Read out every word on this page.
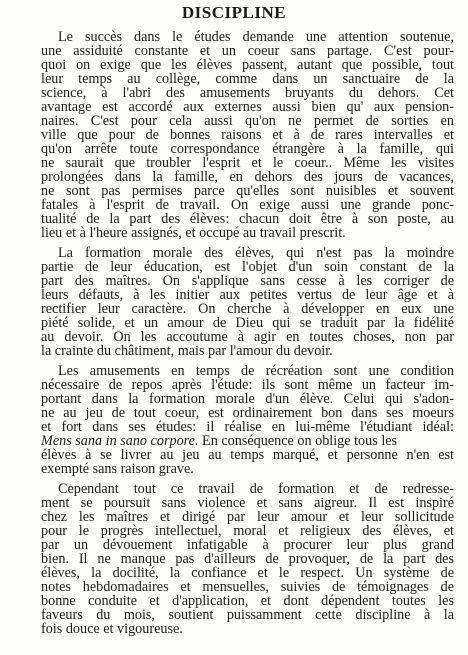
DISCIPLINE
Le succès dans le études demande une attention soutenue,
une assiduité constante et un coeur sans partage. C'est pour-
quoi on exige que les élèves passent, autant que possible, tout
leur temps au collège, comme dans un sanctuaire de la
science, à l'abri des amusements bruyants du dehors. Cet
avantage est accordé aux externes aussi bien qu' aux pension-
naires. C'est pour cela aussi qu'on ne permet de sorties en
ville que pour de bonnes raisons et à de rares intervalles et
qu'on arrête toute correspondance étrangère à la famille, qui
ne saurait que troubler l'esprit et le coeur.. Même les visites
prolongées dans la famille, en dehors des jours de vacances,
ne sont pas permises parce qu'elles sont nuisibles et souvent
fatales à l'esprit de travail. On exige aussi une grande ponc-
tualité de la part des élèves: chacun doit être à son poste, au
lieu et à l'heure assignés, et occupé au travail prescrit.
La formation morale des élèves, qui n'est pas la moindre
partie de leur éducation, est l'objet d'un soin constant de la
part des maîtres. On s'applique sans cesse à les corriger de
leurs défauts, à les initier aux petites vertus de leur âge et à
rectifier leur caractère. On cherche à développer en eux une
piété solide, et un amour de Dieu qui se traduit par la fidélité
au devoir. On les accoutume à agir en toutes choses, non par
la crainte du châtiment, mais par l'amour du devoir.
Les amusements en temps de récréation sont une condition
nécessaire de repos après l'étude: ils sont même un facteur im-
portant dans la formation morale d'un élève. Celui qui s'adon-
ne au jeu de tout coeur, est ordinairement bon dans ses moeurs
et fort dans ses études: il réalise en lui-même l'étudiant idéal:
Mens sana in sano corpore. En conséquence on oblige tous les
élèves à se livrer au jeu au temps marqué, et personne n'en est
exempté sans raison grave.
Cependant tout ce travail de formation et de redresse-
ment se poursuit sans violence et sans aigreur. Il est inspiré
chez les maîtres et dirigé par leur amour et leur sollicitude
pour le progrès intellectuel, moral et religieux des élèves, et
par un dévouement infatigable à procurer leur plus grand
bien. Il ne manque pas d'ailleurs de provoquer, de la part des
élèves, la docilité, la confiance et le respect. Un système de
notes hebdomadaires et mensuelles, suivies de témoignages de
bonne conduite et d'application, et dont dépendent toutes les
faveurs du mois, soutient puissamment cette discipline à la
fois douce et vigoureuse.
